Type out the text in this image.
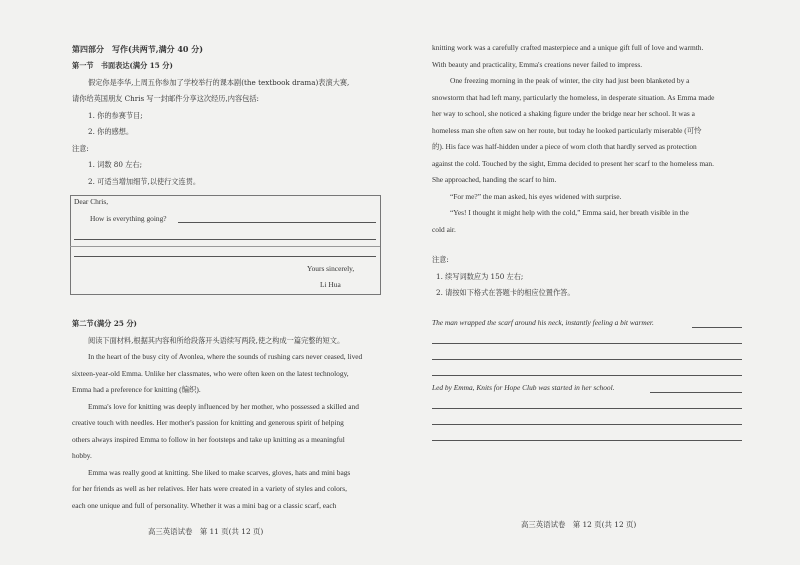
第四部分　写作(共两节,满分 40 分)
第一节　书面表达(满分 15 分)
假定你是李华,上周五你参加了学校举行的课本剧(the textbook drama)表演大赛,
请你给英国朋友 Chris 写一封邮件分享这次经历,内容包括:
1. 你的参赛节目;
2. 你的感想。
注意:
1. 词数 80 左右;
2. 可适当增加细节,以使行文连贯。
Dear Chris,
How is everything going?
Yours sincerely,
Li Hua
第二节(满分 25 分)
阅读下面材料,根据其内容和所给段落开头语续写两段,使之构成一篇完整的短文。
In the heart of the busy city of Avonlea, where the sounds of rushing cars never ceased, lived
sixteen-year-old Emma. Unlike her classmates, who were often keen on the latest technology,
Emma had a preference for knitting (编织).
Emma's love for knitting was deeply influenced by her mother, who possessed a skilled and
creative touch with needles. Her mother's passion for knitting and generous spirit of helping
others always inspired Emma to follow in her footsteps and take up knitting as a meaningful
hobby.
Emma was really good at knitting. She liked to make scarves, gloves, hats and mini bags
for her friends as well as her relatives. Her hats were created in a variety of styles and colors,
each one unique and full of personality. Whether it was a mini bag or a classic scarf, each
高三英语试卷　第 11 页(共 12 页)
knitting work was a carefully crafted masterpiece and a unique gift full of love and warmth.
With beauty and practicality, Emma's creations never failed to impress.
One freezing morning in the peak of winter, the city had just been blanketed by a
snowstorm that had left many, particularly the homeless, in desperate situation. As Emma made
her way to school, she noticed a shaking figure under the bridge near her school. It was a
homeless man she often saw on her route, but today he looked particularly miserable (可怜
的). His face was half-hidden under a piece of worn cloth that hardly served as protection
against the cold. Touched by the sight, Emma decided to present her scarf to the homeless man.
She approached, handing the scarf to him.
“For me?” the man asked, his eyes widened with surprise.
“Yes! I thought it might help with the cold,” Emma said, her breath visible in the
cold air.
注意:
1. 续写词数应为 150 左右;
2. 请按如下格式在答题卡的相应位置作答。
The man wrapped the scarf around his neck, instantly feeling a bit warmer.
Led by Emma, Knits for Hope Club was started in her school.
高三英语试卷　第 12 页(共 12 页)
